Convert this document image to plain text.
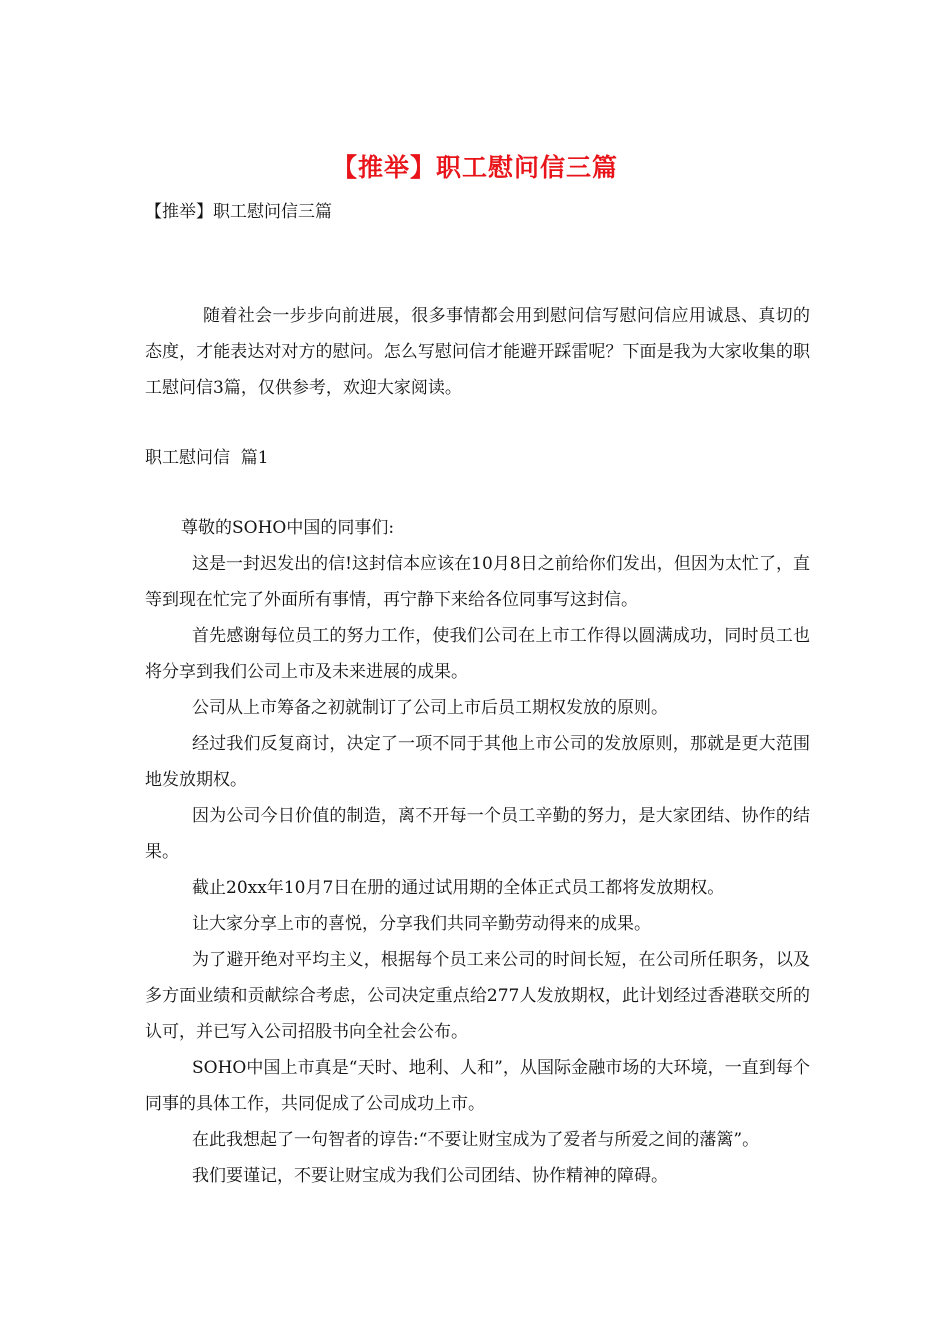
【推举】职工慰问信三篇
【推举】职工慰问信三篇

随着社会一步步向前进展，很多事情都会用到慰问信写慰问信应用诚恳、真切的态度，才能表达对对方的慰问。怎么写慰问信才能避开踩雷呢？下面是我为大家收集的职工慰问信3篇，仅供参考，欢迎大家阅读。

职工慰问信  篇1

尊敬的SOHO中国的同事们:

这是一封迟发出的信!这封信本应该在10月8日之前给你们发出，但因为太忙了，直等到现在忙完了外面所有事情，再宁静下来给各位同事写这封信。

首先感谢每位员工的努力工作，使我们公司在上市工作得以圆满成功，同时员工也将分享到我们公司上市及未来进展的成果。

公司从上市筹备之初就制订了公司上市后员工期权发放的原则。

经过我们反复商讨，决定了一项不同于其他上市公司的发放原则，那就是更大范围地发放期权。

因为公司今日价值的制造，离不开每一个员工辛勤的努力，是大家团结、协作的结果。

截止20xx年10月7日在册的通过试用期的全体正式员工都将发放期权。

让大家分享上市的喜悦，分享我们共同辛勤劳动得来的成果。

为了避开绝对平均主义，根据每个员工来公司的时间长短，在公司所任职务，以及多方面业绩和贡献综合考虑，公司决定重点给277人发放期权，此计划经过香港联交所的认可，并已写入公司招股书向全社会公布。

SOHO中国上市真是“天时、地利、人和”，从国际金融市场的大环境，一直到每个同事的具体工作，共同促成了公司成功上市。

在此我想起了一句智者的谆告:“不要让财宝成为了爱者与所爱之间的藩篱”。

我们要谨记，不要让财宝成为我们公司团结、协作精神的障碍。
